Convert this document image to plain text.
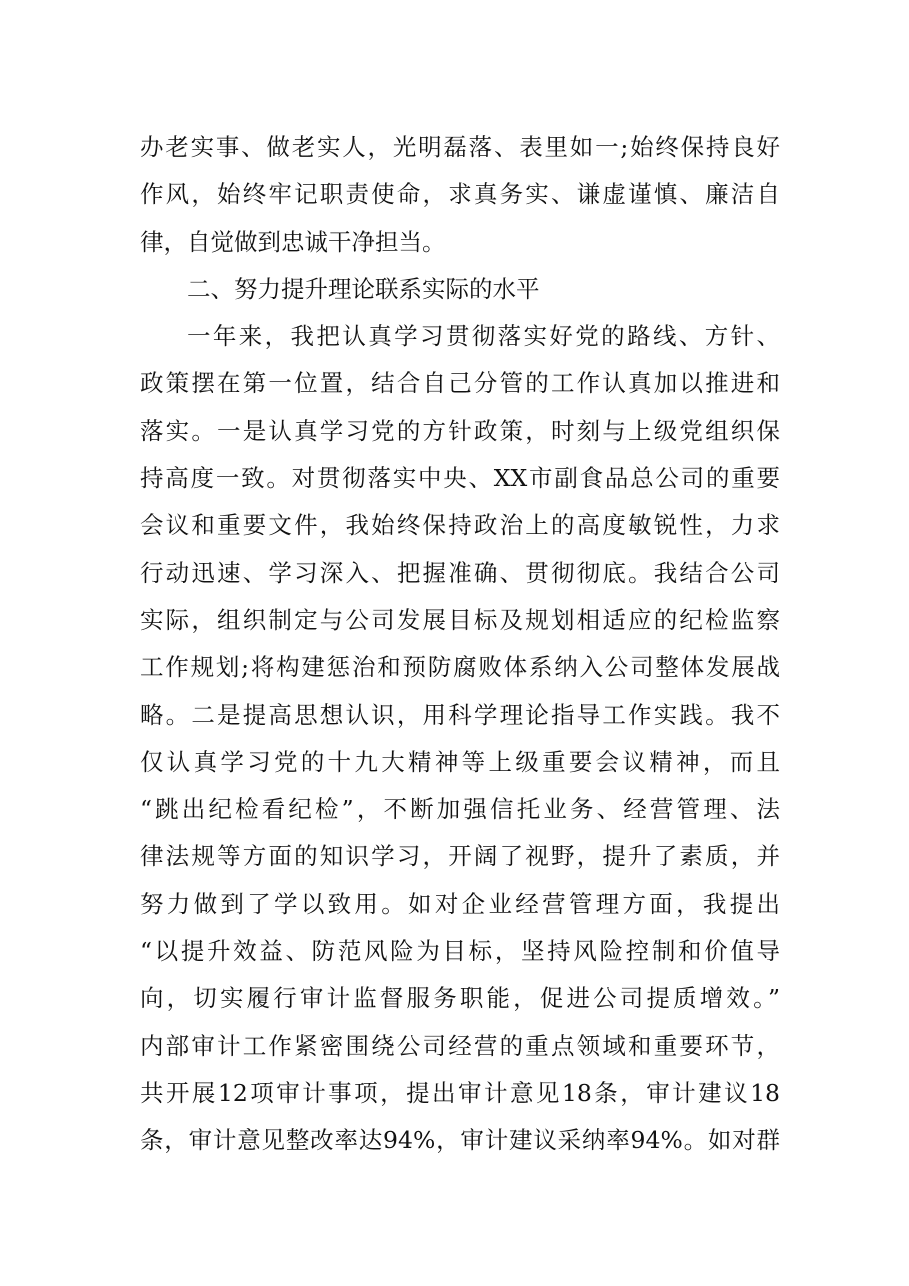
办老实事、做老实人，光明磊落、表里如一;始终保持良好
作风，始终牢记职责使命，求真务实、谦虚谨慎、廉洁自
律，自觉做到忠诚干净担当。
二、努力提升理论联系实际的水平
一年来，我把认真学习贯彻落实好党的路线、方针、
政策摆在第一位置，结合自己分管的工作认真加以推进和
落实。一是认真学习党的方针政策，时刻与上级党组织保
持高度一致。对贯彻落实中央、XX市副食品总公司的重要
会议和重要文件，我始终保持政治上的高度敏锐性，力求
行动迅速、学习深入、把握准确、贯彻彻底。我结合公司
实际，组织制定与公司发展目标及规划相适应的纪检监察
工作规划;将构建惩治和预防腐败体系纳入公司整体发展战
略。二是提高思想认识，用科学理论指导工作实践。我不
仅认真学习党的十九大精神等上级重要会议精神，而且
“跳出纪检看纪检”，不断加强信托业务、经营管理、法
律法规等方面的知识学习，开阔了视野，提升了素质，并
努力做到了学以致用。如对企业经营管理方面，我提出
“以提升效益、防范风险为目标，坚持风险控制和价值导
向，切实履行审计监督服务职能，促进公司提质增效。”
内部审计工作紧密围绕公司经营的重点领域和重要环节，
共开展12项审计事项，提出审计意见18条，审计建议18
条，审计意见整改率达94%，审计建议采纳率94%。如对群
